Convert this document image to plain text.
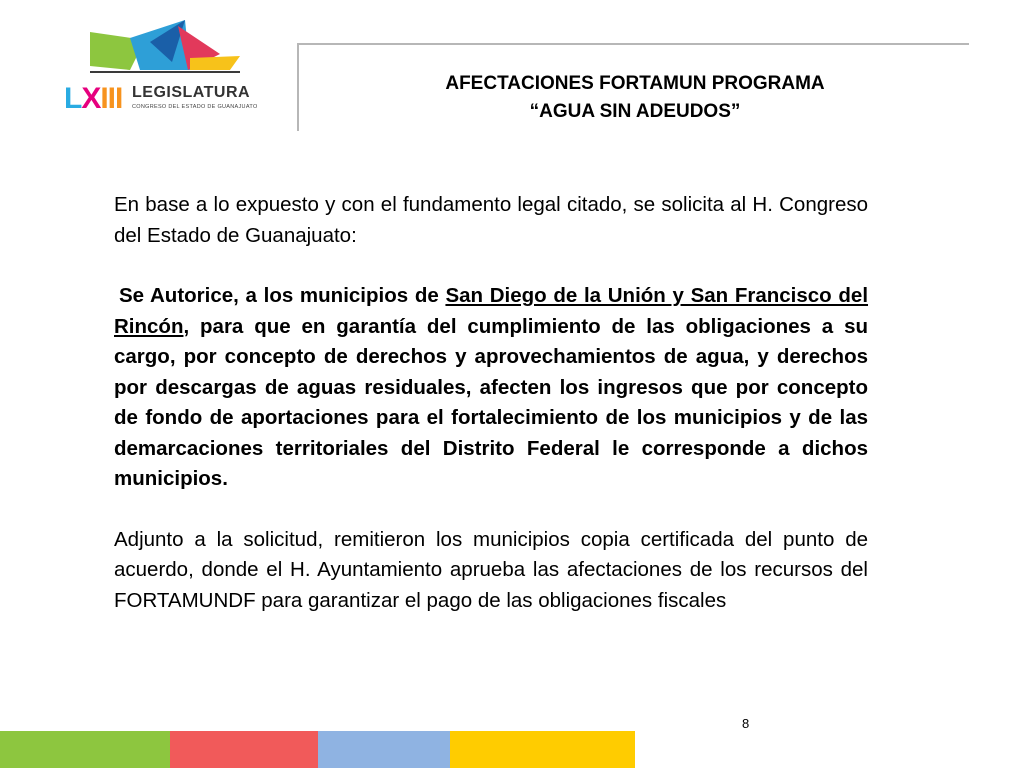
LXIII LEGISLATURA
CONGRESO DEL ESTADO DE GUANAJUATO
AFECTACIONES FORTAMUN PROGRAMA
“AGUA SIN ADEUDOS”

En base a lo expuesto y con el fundamento legal citado, se solicita al H. Congreso del Estado de Guanajuato:

Se Autorice, a los municipios de San Diego de la Unión y San Francisco del Rincón, para que en garantía del cumplimiento de las obligaciones a su cargo, por concepto de derechos y aprovechamientos de agua, y derechos por descargas de aguas residuales, afecten los ingresos que por concepto de fondo de aportaciones para el fortalecimiento de los municipios y de las demarcaciones territoriales del Distrito Federal le corresponde a dichos municipios.

Adjunto a la solicitud, remitieron los municipios copia certificada del punto de acuerdo, donde el H. Ayuntamiento aprueba las afectaciones de los recursos del FORTAMUNDF para garantizar el pago de las obligaciones fiscales

8
